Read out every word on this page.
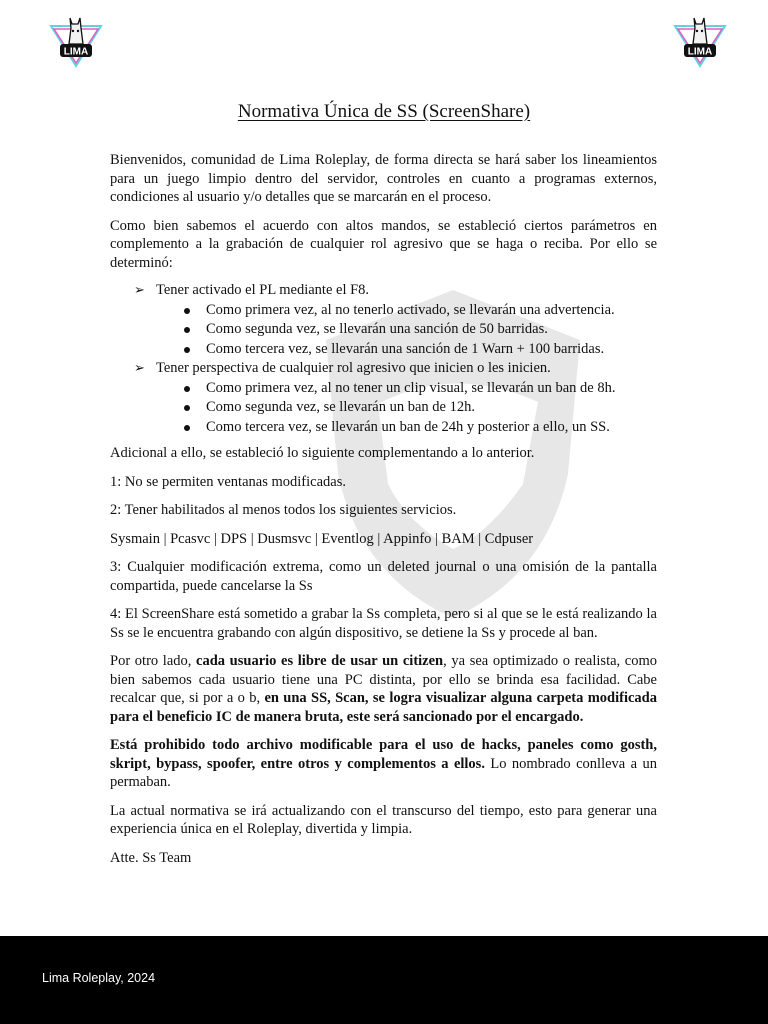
LIMA	LIMA
Normativa Única de SS (ScreenShare)

Bienvenidos, comunidad de Lima Roleplay, de forma directa se hará saber los lineamientos para un juego limpio dentro del servidor, controles en cuanto a programas externos, condiciones al usuario y/o detalles que se marcarán en el proceso.

Como bien sabemos el acuerdo con altos mandos, se estableció ciertos parámetros en complemento a la grabación de cualquier rol agresivo que se haga o reciba. Por ello se determinó:

➢ Tener activado el PL mediante el F8.
Como primera vez, al no tenerlo activado, se llevarán una advertencia.
Como segunda vez, se llevarán una sanción de 50 barridas.
Como tercera vez, se llevarán una sanción de 1 Warn + 100 barridas.
➢ Tener perspectiva de cualquier rol agresivo que inicien o les inicien.
Como primera vez, al no tener un clip visual, se llevarán un ban de 8h.
Como segunda vez, se llevarán un ban de 12h.
Como tercera vez, se llevarán un ban de 24h y posterior a ello, un SS.

Adicional a ello, se estableció lo siguiente complementando a lo anterior.

1: No se permiten ventanas modificadas.

2: Tener habilitados al menos todos los siguientes servicios.

Sysmain | Pcasvc | DPS | Dusmsvc | Eventlog | Appinfo | BAM | Cdpuser

3: Cualquier modificación extrema, como un deleted journal o una omisión de la pantalla compartida, puede cancelarse la Ss

4: El ScreenShare está sometido a grabar la Ss completa, pero si al que se le está realizando la Ss se le encuentra grabando con algún dispositivo, se detiene la Ss y procede al ban.

Por otro lado, cada usuario es libre de usar un citizen, ya sea optimizado o realista, como bien sabemos cada usuario tiene una PC distinta, por ello se brinda esa facilidad. Cabe recalcar que, si por a o b, en una SS, Scan, se logra visualizar alguna carpeta modificada para el beneficio IC de manera bruta, este será sancionado por el encargado.

Está prohibido todo archivo modificable para el uso de hacks, paneles como gosth, skript, bypass, spoofer, entre otros y complementos a ellos. Lo nombrado conlleva a un permaban.

La actual normativa se irá actualizando con el transcurso del tiempo, esto para generar una experiencia única en el Roleplay, divertida y limpia.

Atte. Ss Team

Lima Roleplay, 2024
